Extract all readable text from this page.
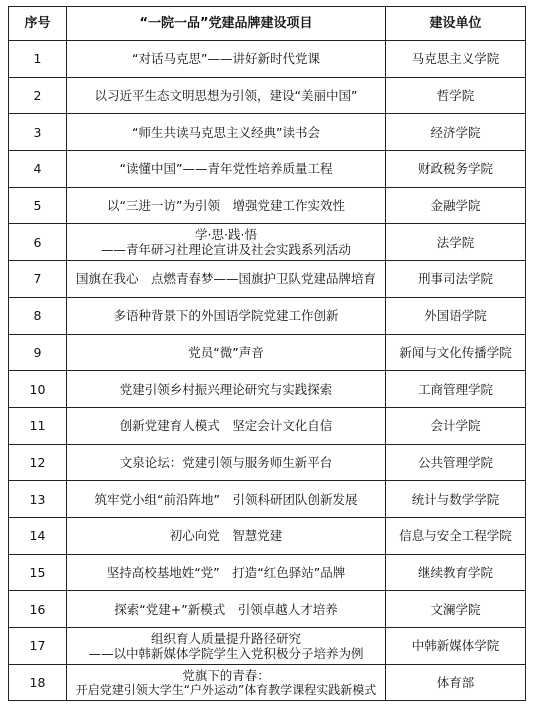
序号	“一院一品”党建品牌建设项目	建设单位
1	“对话马克思”——讲好新时代党课	马克思主义学院
2	以习近平生态文明思想为引领，建设“美丽中国”	哲学院
3	“师生共读马克思主义经典”读书会	经济学院
4	“读懂中国”——青年党性培养质量工程	财政税务学院
5	以“三进一访”为引领　增强党建工作实效性	金融学院
6	学·思·践·悟
——青年研习社理论宣讲及社会实践系列活动	法学院
7	国旗在我心　点燃青春梦——国旗护卫队党建品牌培育	刑事司法学院
8	多语种背景下的外国语学院党建工作创新	外国语学院
9	党员“微”声音	新闻与文化传播学院
10	党建引领乡村振兴理论研究与实践探索	工商管理学院
11	创新党建育人模式　坚定会计文化自信	会计学院
12	文泉论坛：党建引领与服务师生新平台	公共管理学院
13	筑牢党小组“前沿阵地”　引领科研团队创新发展	统计与数学学院
14	初心向党　智慧党建	信息与安全工程学院
15	坚持高校基地姓“党”　打造“红色驿站”品牌	继续教育学院
16	探索“党建+”新模式　引领卓越人才培养	文澜学院
17	组织育人质量提升路径研究
——以中韩新媒体学院学生入党积极分子培养为例	中韩新媒体学院
18	党旗下的青春：
开启党建引领大学生“户外运动”体育教学课程实践新模式	体育部
